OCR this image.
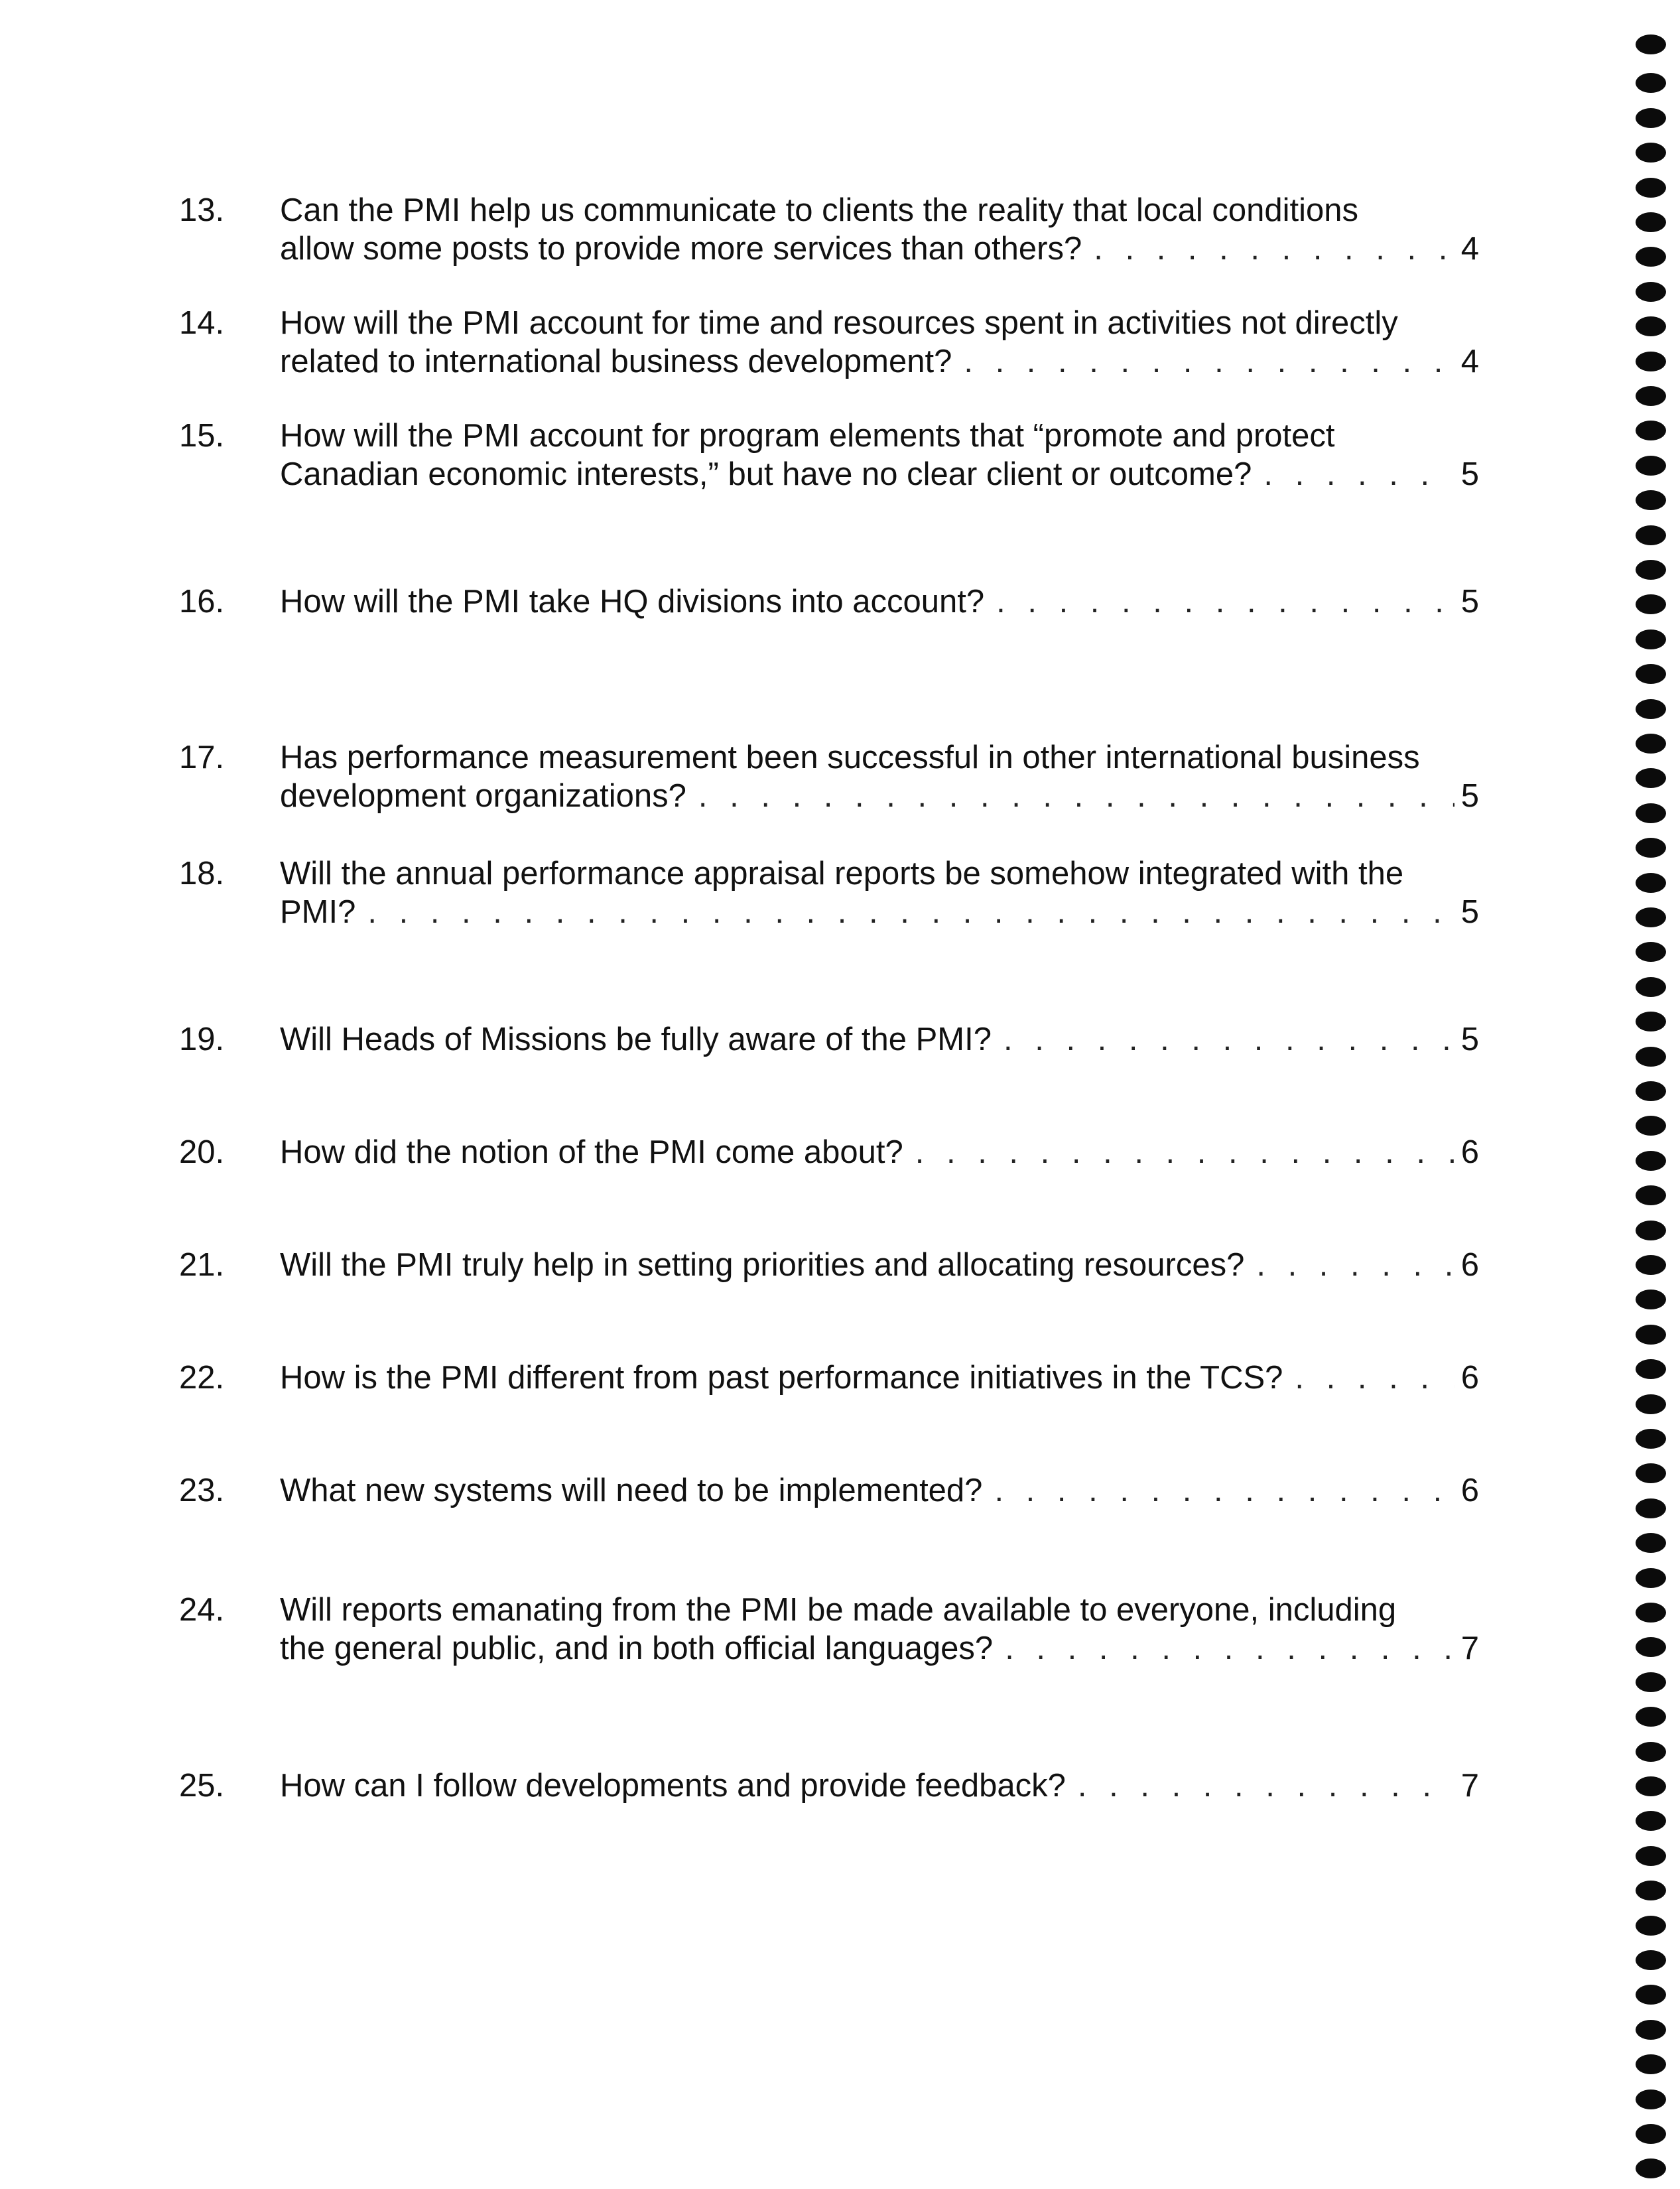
13.	Can the PMI help us communicate to clients the reality that local conditions
allow some posts to provide more services than others? . . .	4
14.	How will the PMI account for time and resources spent in activities not directly
related to international business development? . . .	4
15.	How will the PMI account for program elements that “promote and protect
Canadian economic interests,” but have no clear client or outcome? . . .	5
16.	How will the PMI take HQ divisions into account? . . .	5
17.	Has performance measurement been successful in other international business
development organizations? . . .	5
18.	Will the annual performance appraisal reports be somehow integrated with the
PMI? . . .	5
19.	Will Heads of Missions be fully aware of the PMI? . . .	5
20.	How did the notion of the PMI come about? . . .	6
21.	Will the PMI truly help in setting priorities and allocating resources? . . .	6
22.	How is the PMI different from past performance initiatives in the TCS? . . .	6
23.	What new systems will need to be implemented? . . .	6
24.	Will reports emanating from the PMI be made available to everyone, including
the general public, and in both official languages? . . .	7
25.	How can I follow developments and provide feedback? . . .	7
